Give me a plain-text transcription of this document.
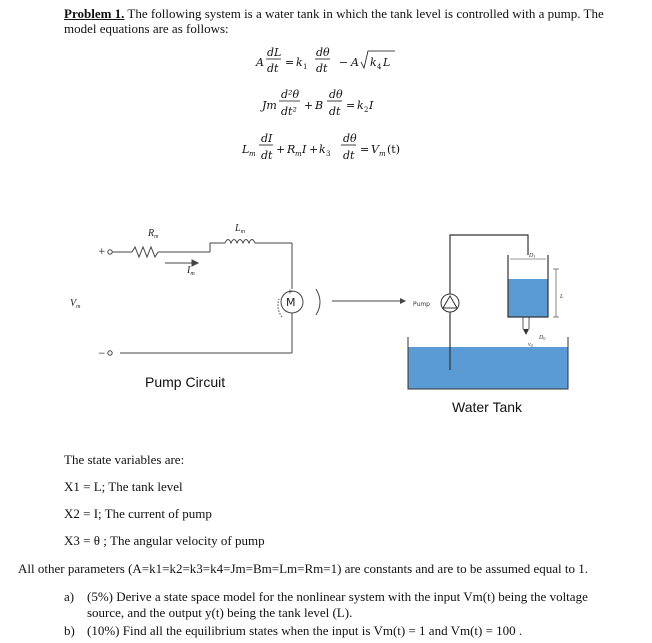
Problem 1. The following system is a water tank in which the tank level is controlled with a pump. The
model equations are as follows:
A
dL
dt = k 1
dθ
dt − A k 4 L
Jm
d²θ
dt² + B
dθ
dt = k 2 I
L m
dI
dt + R m I + k 3
dθ
dt = V m (t)
+
−
+
M
$R_m$
$L_m$
$I_m$
$V_m$
Pump Circuit
Pump
D1
L
D0
v0
Water Tank
The state variables are:
X1 = L; The tank level
X2 = I; The current of pump
X3 = θ ; The angular velocity of pump
All other parameters (A=k1=k2=k3=k4=Jm=Bm=Lm=Rm=1) are constants and are to be assumed equal to 1.
a) (5%) Derive a state space model for the nonlinear system with the input Vm(t) being the voltage
source, and the output y(t) being the tank level (L).
b) (10%) Find all the equilibrium states when the input is Vm(t) = 1 and Vm(t) = 100 .
